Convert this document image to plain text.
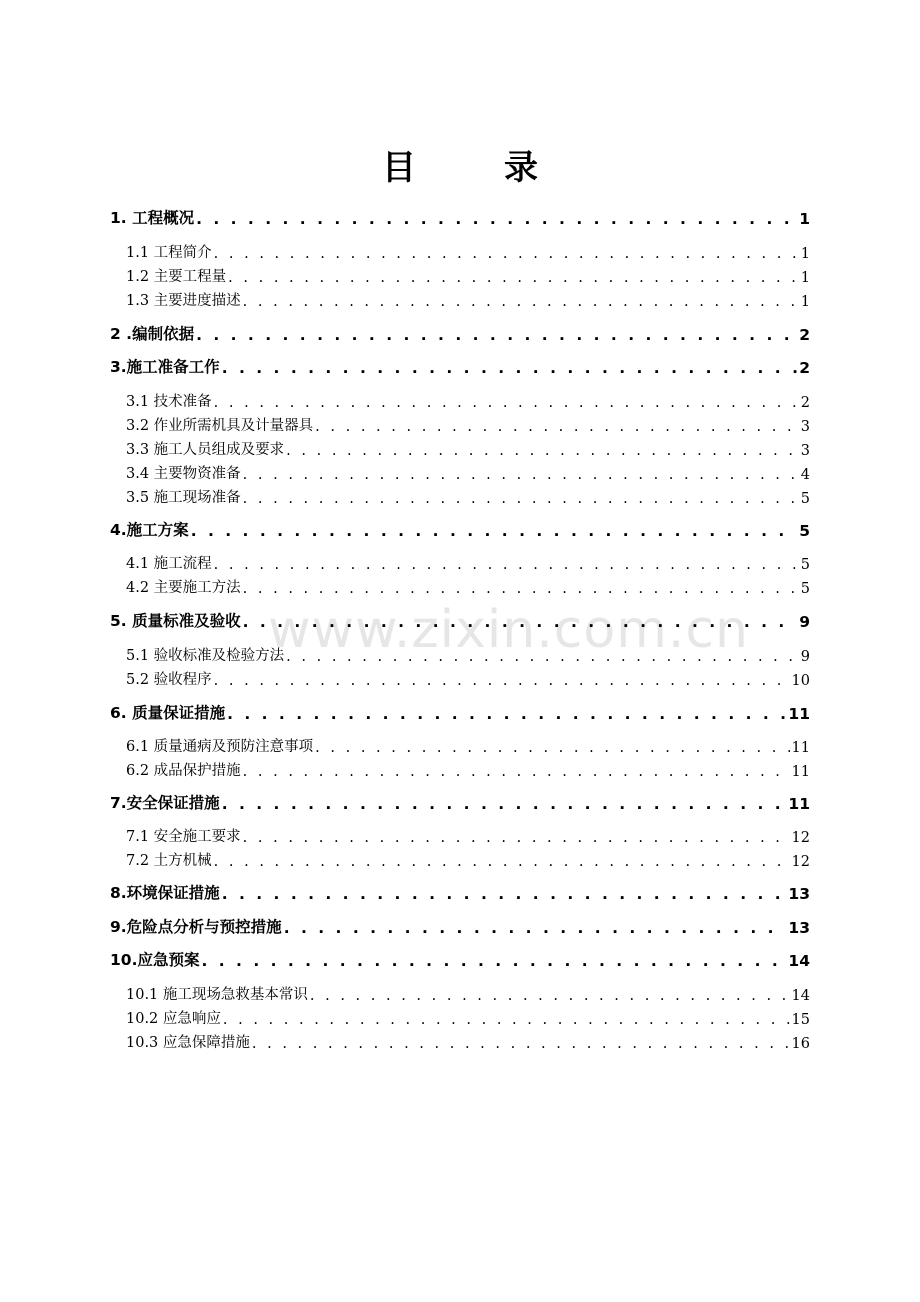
目录
www.zixin.com.cn
1. 工程概况 . . .	1
1.1 工程简介 . . .	1
1.2 主要工程量 . . .	1
1.3 主要进度描述 . . .	1
2 .编制依据 . . .	2
3.施工准备工作 . . .	2
3.1 技术准备 . . .	2
3.2 作业所需机具及计量器具 . . .	3
3.3 施工人员组成及要求 . . .	3
3.4 主要物资准备 . . .	4
3.5 施工现场准备 . . .	5
4.施工方案 . . .	5
4.1 施工流程 . . .	5
4.2 主要施工方法 . . .	5
5. 质量标准及验收 . . .	9
5.1 验收标准及检验方法 . . .	9
5.2 验收程序 . . .	10
6. 质量保证措施 . . .	11
6.1 质量通病及预防注意事项 . . .	11
6.2 成品保护措施 . . .	11
7.安全保证措施 . . .	11
7.1 安全施工要求 . . .	12
7.2 土方机械 . . .	12
8.环境保证措施 . . .	13
9.危险点分析与预控措施 . . .	13
10.应急预案 . . .	14
10.1 施工现场急救基本常识 . . .	14
10.2 应急响应 . . .	15
10.3 应急保障措施 . . .	16
